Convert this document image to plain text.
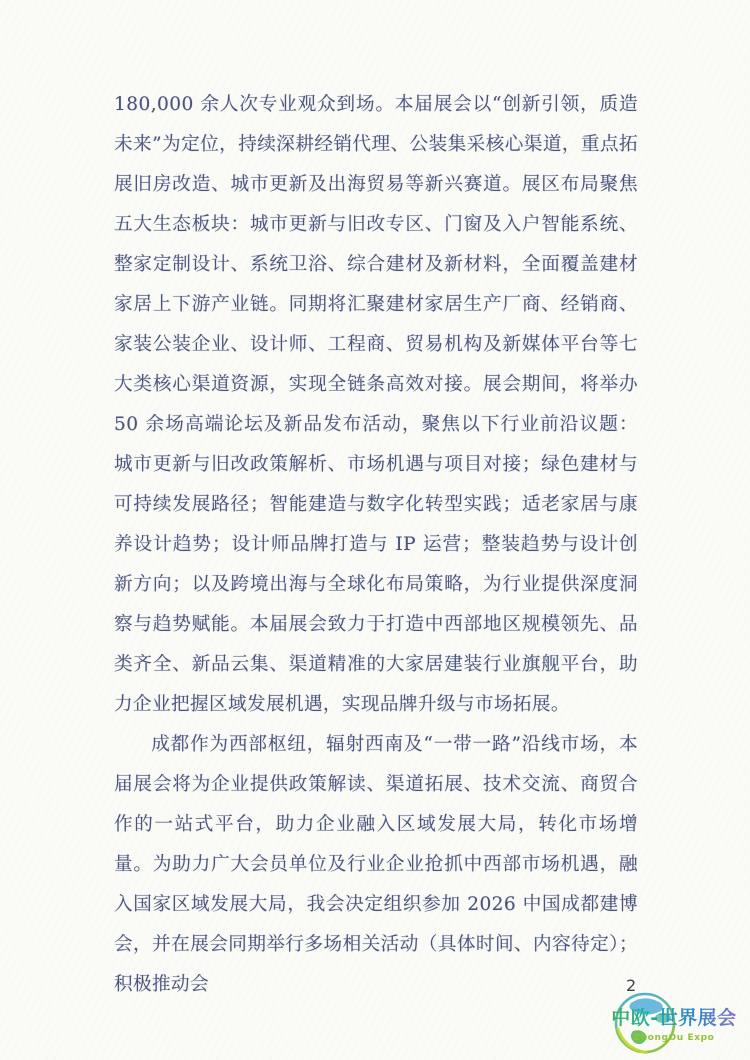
180,000 余人次专业观众到场。本届展会以“创新引领，质造未来”为定位，持续深耕经销代理、公装集采核心渠道，重点拓展旧房改造、城市更新及出海贸易等新兴赛道。展区布局聚焦五大生态板块：城市更新与旧改专区、门窗及入户智能系统、整家定制设计、系统卫浴、综合建材及新材料，全面覆盖建材家居上下游产业链。同期将汇聚建材家居生产厂商、经销商、家装公装企业、设计师、工程商、贸易机构及新媒体平台等七大类核心渠道资源，实现全链条高效对接。展会期间，将举办 50 余场高端论坛及新品发布活动，聚焦以下行业前沿议题：城市更新与旧改政策解析、市场机遇与项目对接；绿色建材与可持续发展路径；智能建造与数字化转型实践；适老家居与康养设计趋势；设计师品牌打造与 IP 运营；整装趋势与设计创新方向；以及跨境出海与全球化布局策略，为行业提供深度洞察与趋势赋能。本届展会致力于打造中西部地区规模领先、品类齐全、新品云集、渠道精准的大家居建装行业旗舰平台，助力企业把握区域发展机遇，实现品牌升级与市场拓展。

成都作为西部枢纽，辐射西南及“一带一路”沿线市场，本届展会将为企业提供政策解读、渠道拓展、技术交流、商贸合作的一站式平台，助力企业融入区域发展大局，转化市场增量。为助力广大会员单位及行业企业抢抓中西部市场机遇，融入国家区域发展大局，我会决定组织参加 2026 中国成都建博会，并在展会同期举行多场相关活动（具体时间、内容待定）；积极推动会	2
中欧-世界展会
ZhongOu Expo
